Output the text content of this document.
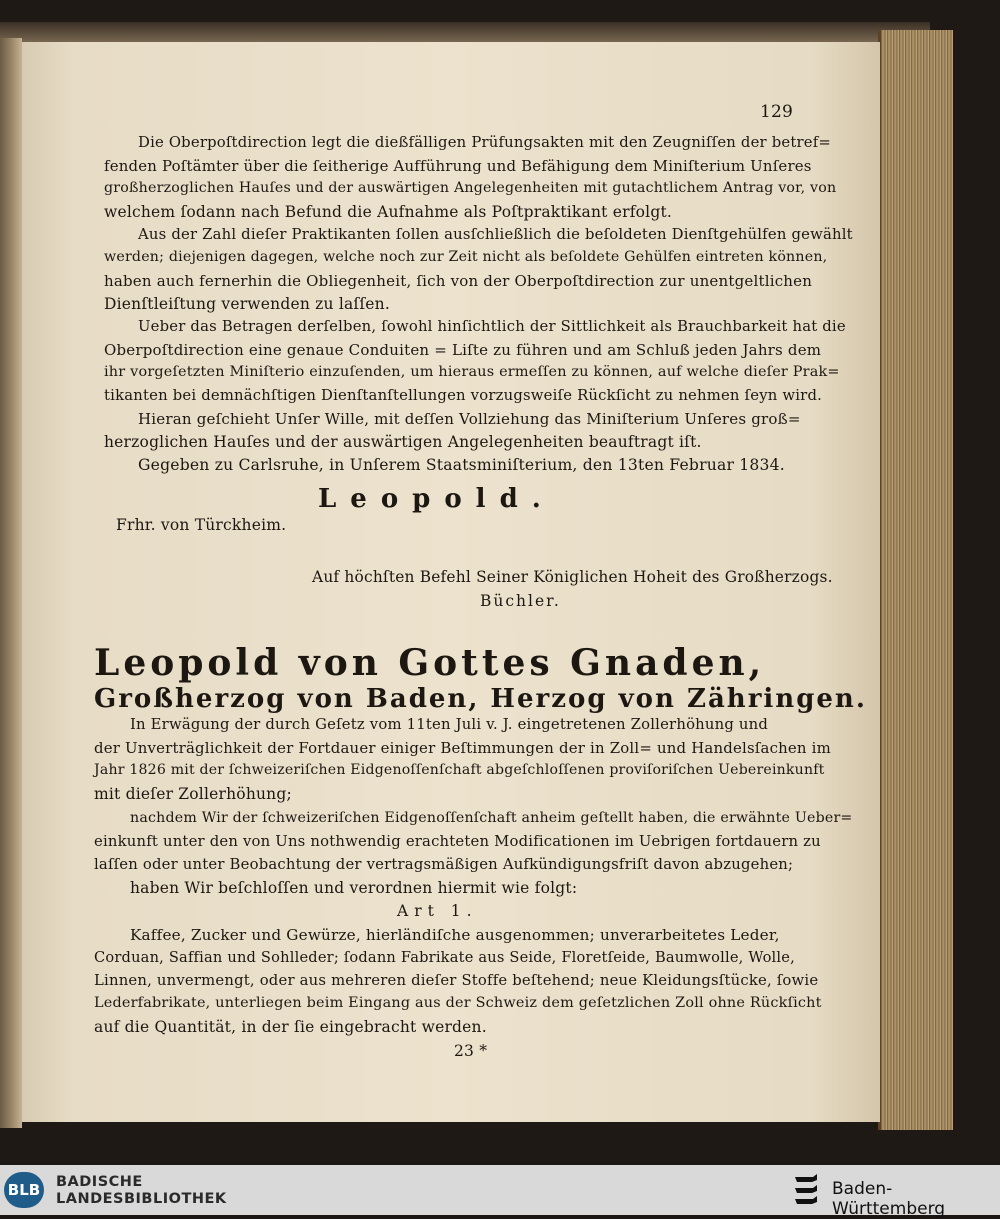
129
Die Oberpoſtdirection legt die dießfälligen Prüfungsakten mit den Zeugniſſen der betref=
fenden Poſtämter über die ſeitherige Aufführung und Befähigung dem Miniſterium Unſeres
großherzoglichen Hauſes und der auswärtigen Angelegenheiten mit gutachtlichem Antrag vor, von
welchem ſodann nach Befund die Aufnahme als Poſtpraktikant erfolgt.
Aus der Zahl dieſer Praktikanten ſollen ausſchließlich die beſoldeten Dienſtgehülfen gewählt
werden; diejenigen dagegen, welche noch zur Zeit nicht als beſoldete Gehülfen eintreten können,
haben auch fernerhin die Obliegenheit, ſich von der Oberpoſtdirection zur unentgeltlichen
Dienſtleiſtung verwenden zu laſſen.
Ueber das Betragen derſelben, ſowohl hinſichtlich der Sittlichkeit als Brauchbarkeit hat die
Oberpoſtdirection eine genaue Conduiten = Liſte zu führen und am Schluß jeden Jahrs dem
ihr vorgeſetzten Miniſterio einzuſenden, um hieraus ermeſſen zu können, auf welche dieſer Prak=
tikanten bei demnächſtigen Dienſtanſtellungen vorzugsweiſe Rückſicht zu nehmen ſeyn wird.
Hieran geſchieht Unſer Wille, mit deſſen Vollziehung das Miniſterium Unſeres groß=
herzoglichen Hauſes und der auswärtigen Angelegenheiten beauftragt iſt.
Gegeben zu Carlsruhe, in Unſerem Staatsminiſterium, den 13ten Februar 1834.
Leopold.
Frhr. von Türckheim.
Auf höchſten Befehl Seiner Königlichen Hoheit des Großherzogs.
Büchler.
Leopold von Gottes Gnaden,
Großherzog von Baden, Herzog von Zähringen.
In Erwägung der durch Geſetz vom 11ten Juli v. J. eingetretenen Zollerhöhung und
der Unverträglichkeit der Fortdauer einiger Beſtimmungen der in Zoll= und Handelsſachen im
Jahr 1826 mit der ſchweizeriſchen Eidgenoſſenſchaft abgeſchloſſenen proviſoriſchen Uebereinkunft
mit dieſer Zollerhöhung;
nachdem Wir der ſchweizeriſchen Eidgenoſſenſchaft anheim geſtellt haben, die erwähnte Ueber=
einkunft unter den von Uns nothwendig erachteten Modificationen im Uebrigen fortdauern zu
laſſen oder unter Beobachtung der vertragsmäßigen Aufkündigungsfriſt davon abzugehen;
haben Wir beſchloſſen und verordnen hiermit wie folgt:
Art 1.
Kaffee, Zucker und Gewürze, hierländiſche ausgenommen; unverarbeitetes Leder,
Corduan, Saffian und Sohlleder; ſodann Fabrikate aus Seide, Floretſeide, Baumwolle, Wolle,
Linnen, unvermengt, oder aus mehreren dieſer Stoffe beſtehend; neue Kleidungsſtücke, ſowie
Lederfabrikate, unterliegen beim Eingang aus der Schweiz dem geſetzlichen Zoll ohne Rückſicht
auf die Quantität, in der ſie eingebracht werden.
23 *
BLB BADISCHE
LANDESBIBLIOTHEK	Baden-Württemberg
